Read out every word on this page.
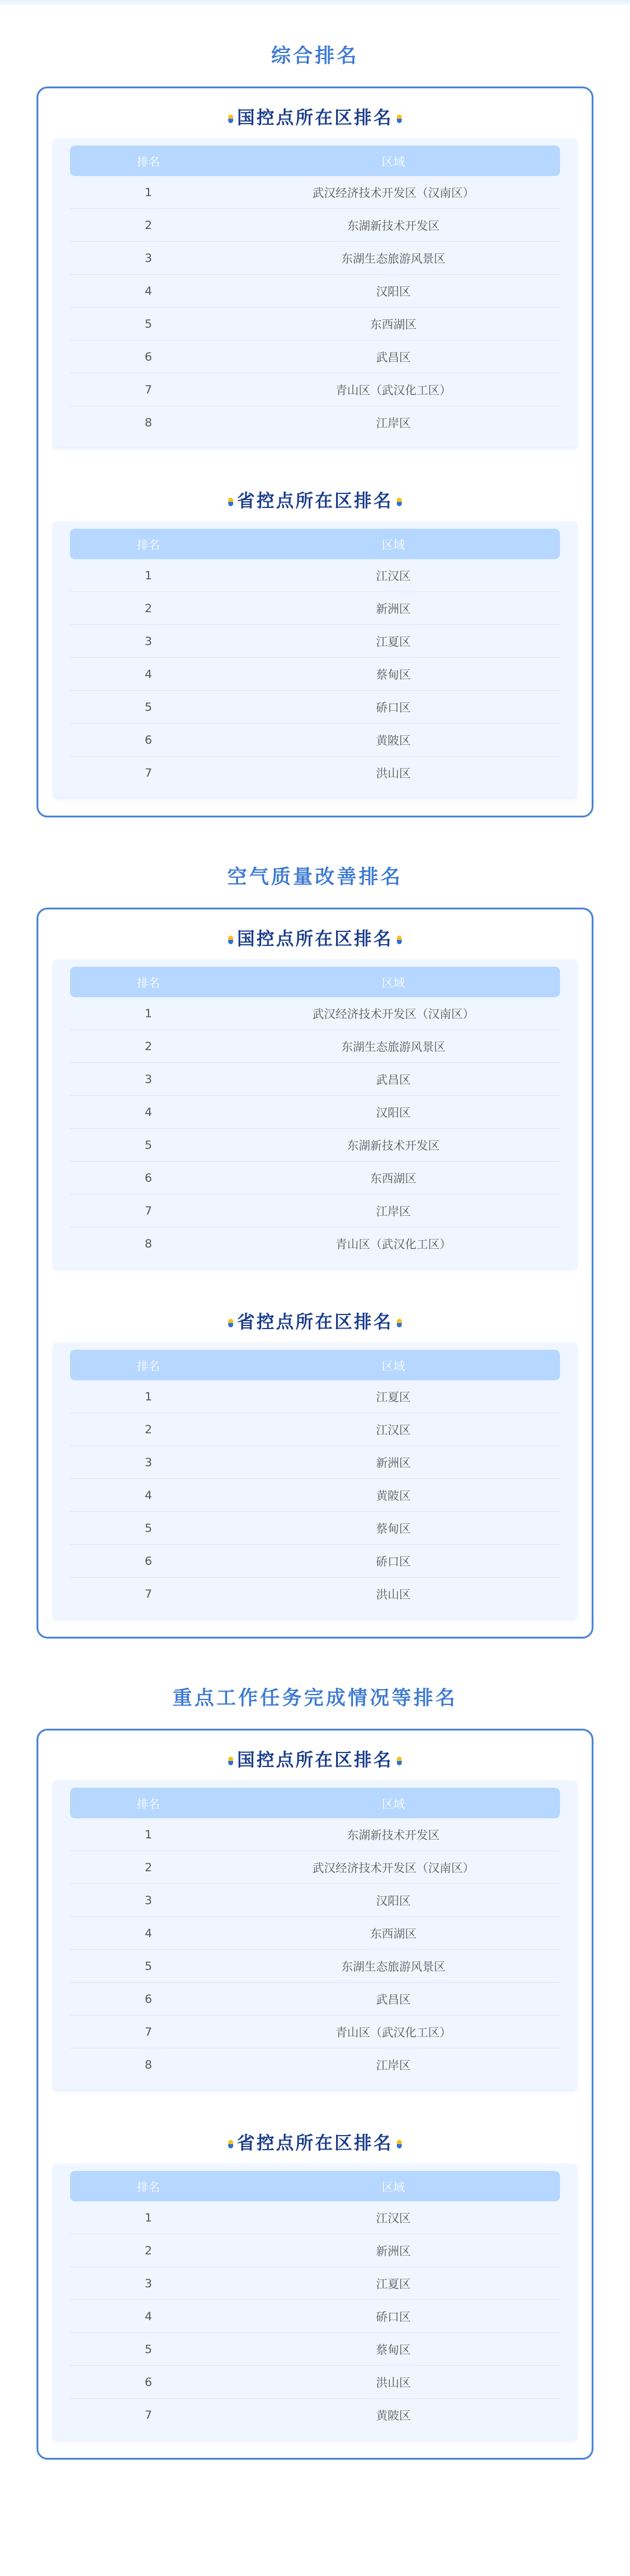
综合排名
国控点所在区排名
排名	区域
1	武汉经济技术开发区（汉南区）
2	东湖新技术开发区
3	东湖生态旅游风景区
4	汉阳区
5	东西湖区
6	武昌区
7	青山区（武汉化工区）
8	江岸区
省控点所在区排名
排名	区域
1	江汉区
2	新洲区
3	江夏区
4	蔡甸区
5	硚口区
6	黄陂区
7	洪山区
空气质量改善排名
国控点所在区排名
排名	区域
1	武汉经济技术开发区（汉南区）
2	东湖生态旅游风景区
3	武昌区
4	汉阳区
5	东湖新技术开发区
6	东西湖区
7	江岸区
8	青山区（武汉化工区）
省控点所在区排名
排名	区域
1	江夏区
2	江汉区
3	新洲区
4	黄陂区
5	蔡甸区
6	硚口区
7	洪山区
重点工作任务完成情况等排名
国控点所在区排名
排名	区域
1	东湖新技术开发区
2	武汉经济技术开发区（汉南区）
3	汉阳区
4	东西湖区
5	东湖生态旅游风景区
6	武昌区
7	青山区（武汉化工区）
8	江岸区
省控点所在区排名
排名	区域
1	江汉区
2	新洲区
3	江夏区
4	硚口区
5	蔡甸区
6	洪山区
7	黄陂区
